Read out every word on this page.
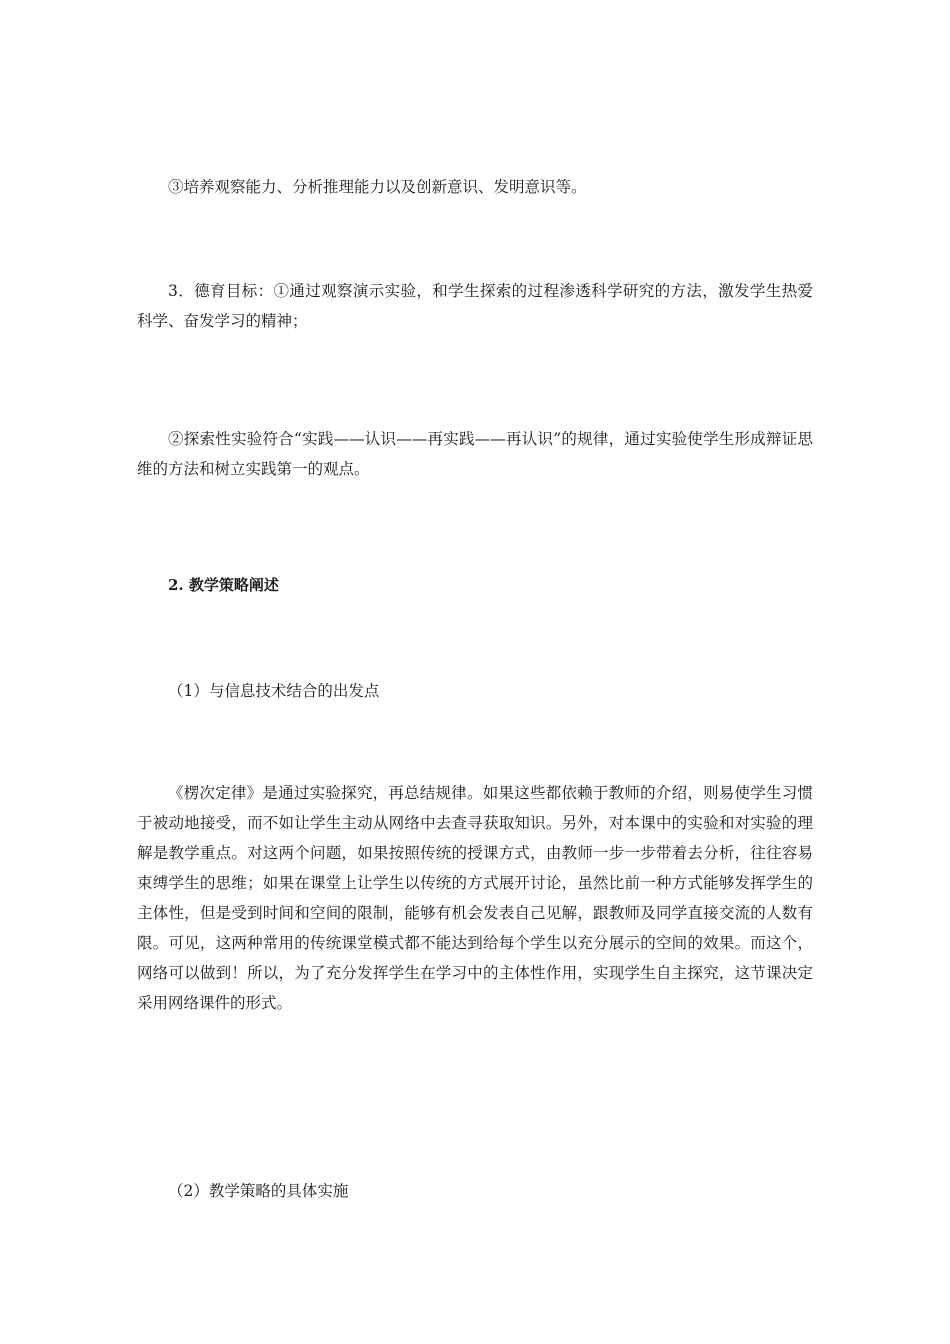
③培养观察能力、分析推理能力以及创新意识、发明意识等。

3．德育目标：①通过观察演示实验，和学生探索的过程渗透科学研究的方法，激发学生热爱科学、奋发学习的精神；

②探索性实验符合“实践——认识——再实践——再认识”的规律，通过实验使学生形成辩证思维的方法和树立实践第一的观点。

2. 教学策略阐述

（1）与信息技术结合的出发点

《楞次定律》是通过实验探究，再总结规律。如果这些都依赖于教师的介绍，则易使学生习惯于被动地接受，而不如让学生主动从网络中去查寻获取知识。另外，对本课中的实验和对实验的理解是教学重点。对这两个问题，如果按照传统的授课方式，由教师一步一步带着去分析，往往容易束缚学生的思维；如果在课堂上让学生以传统的方式展开讨论，虽然比前一种方式能够发挥学生的主体性，但是受到时间和空间的限制，能够有机会发表自己见解，跟教师及同学直接交流的人数有限。可见，这两种常用的传统课堂模式都不能达到给每个学生以充分展示的空间的效果。而这个，网络可以做到！所以，为了充分发挥学生在学习中的主体性作用，实现学生自主探究，这节课决定采用网络课件的形式。

（2）教学策略的具体实施
